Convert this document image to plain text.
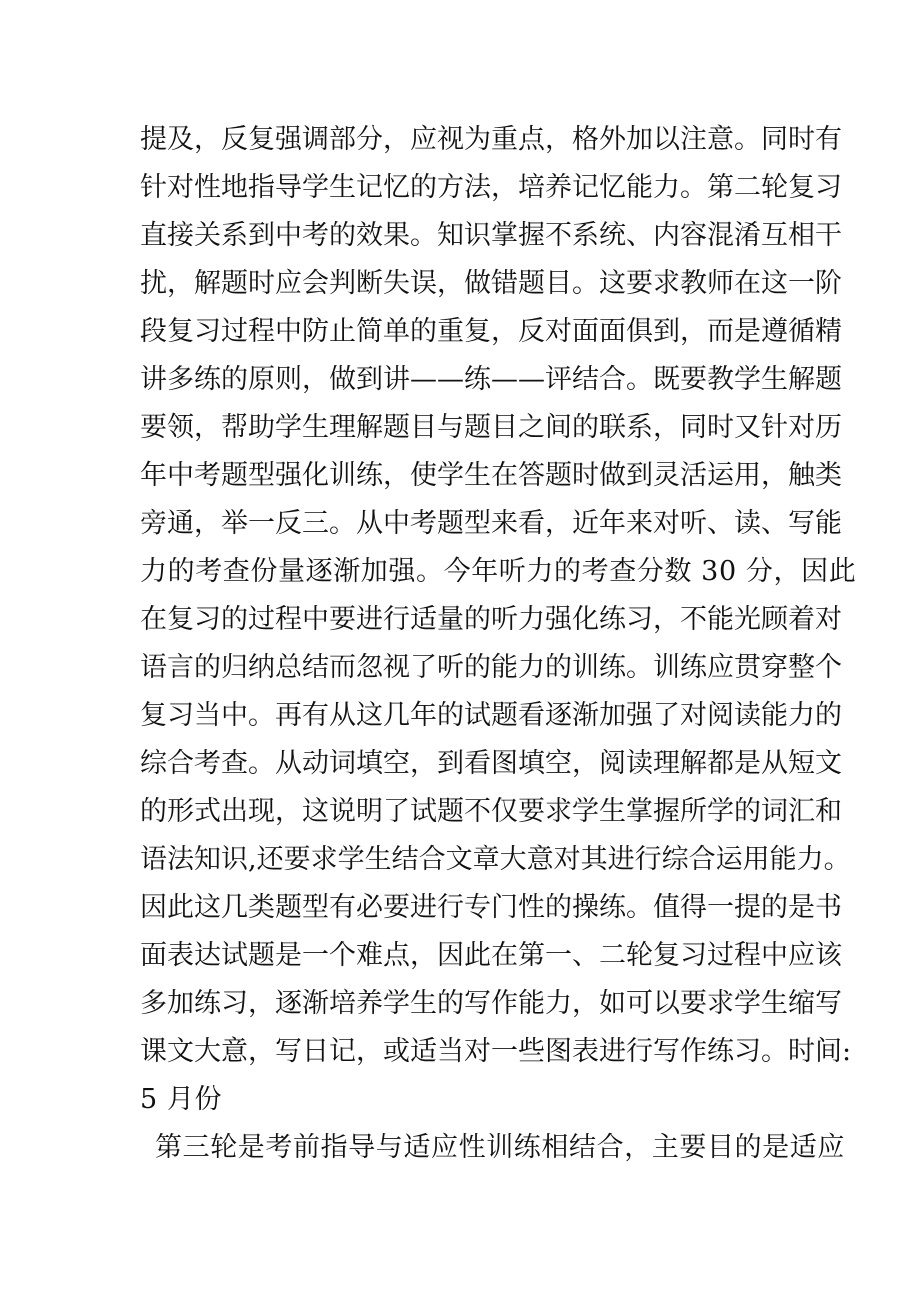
提及，反复强调部分，应视为重点，格外加以注意。同时有
针对性地指导学生记忆的方法，培养记忆能力。第二轮复习
直接关系到中考的效果。知识掌握不系统、内容混淆互相干
扰，解题时应会判断失误，做错题目。这要求教师在这一阶
段复习过程中防止简单的重复，反对面面俱到，而是遵循精
讲多练的原则，做到讲——练——评结合。既要教学生解题
要领，帮助学生理解题目与题目之间的联系，同时又针对历
年中考题型强化训练，使学生在答题时做到灵活运用，触类
旁通，举一反三。从中考题型来看，近年来对听、读、写能
力的考查份量逐渐加强。今年听力的考查分数 30 分，因此
在复习的过程中要进行适量的听力强化练习，不能光顾着对
语言的归纳总结而忽视了听的能力的训练。训练应贯穿整个
复习当中。再有从这几年的试题看逐渐加强了对阅读能力的
综合考查。从动词填空，到看图填空，阅读理解都是从短文
的形式出现，这说明了试题不仅要求学生掌握所学的词汇和
语法知识,还要求学生结合文章大意对其进行综合运用能力。
因此这几类题型有必要进行专门性的操练。值得一提的是书
面表达试题是一个难点，因此在第一、二轮复习过程中应该
多加练习，逐渐培养学生的写作能力，如可以要求学生缩写
课文大意，写日记，或适当对一些图表进行写作练习。时间:
5 月份
第三轮是考前指导与适应性训练相结合，主要目的是适应
